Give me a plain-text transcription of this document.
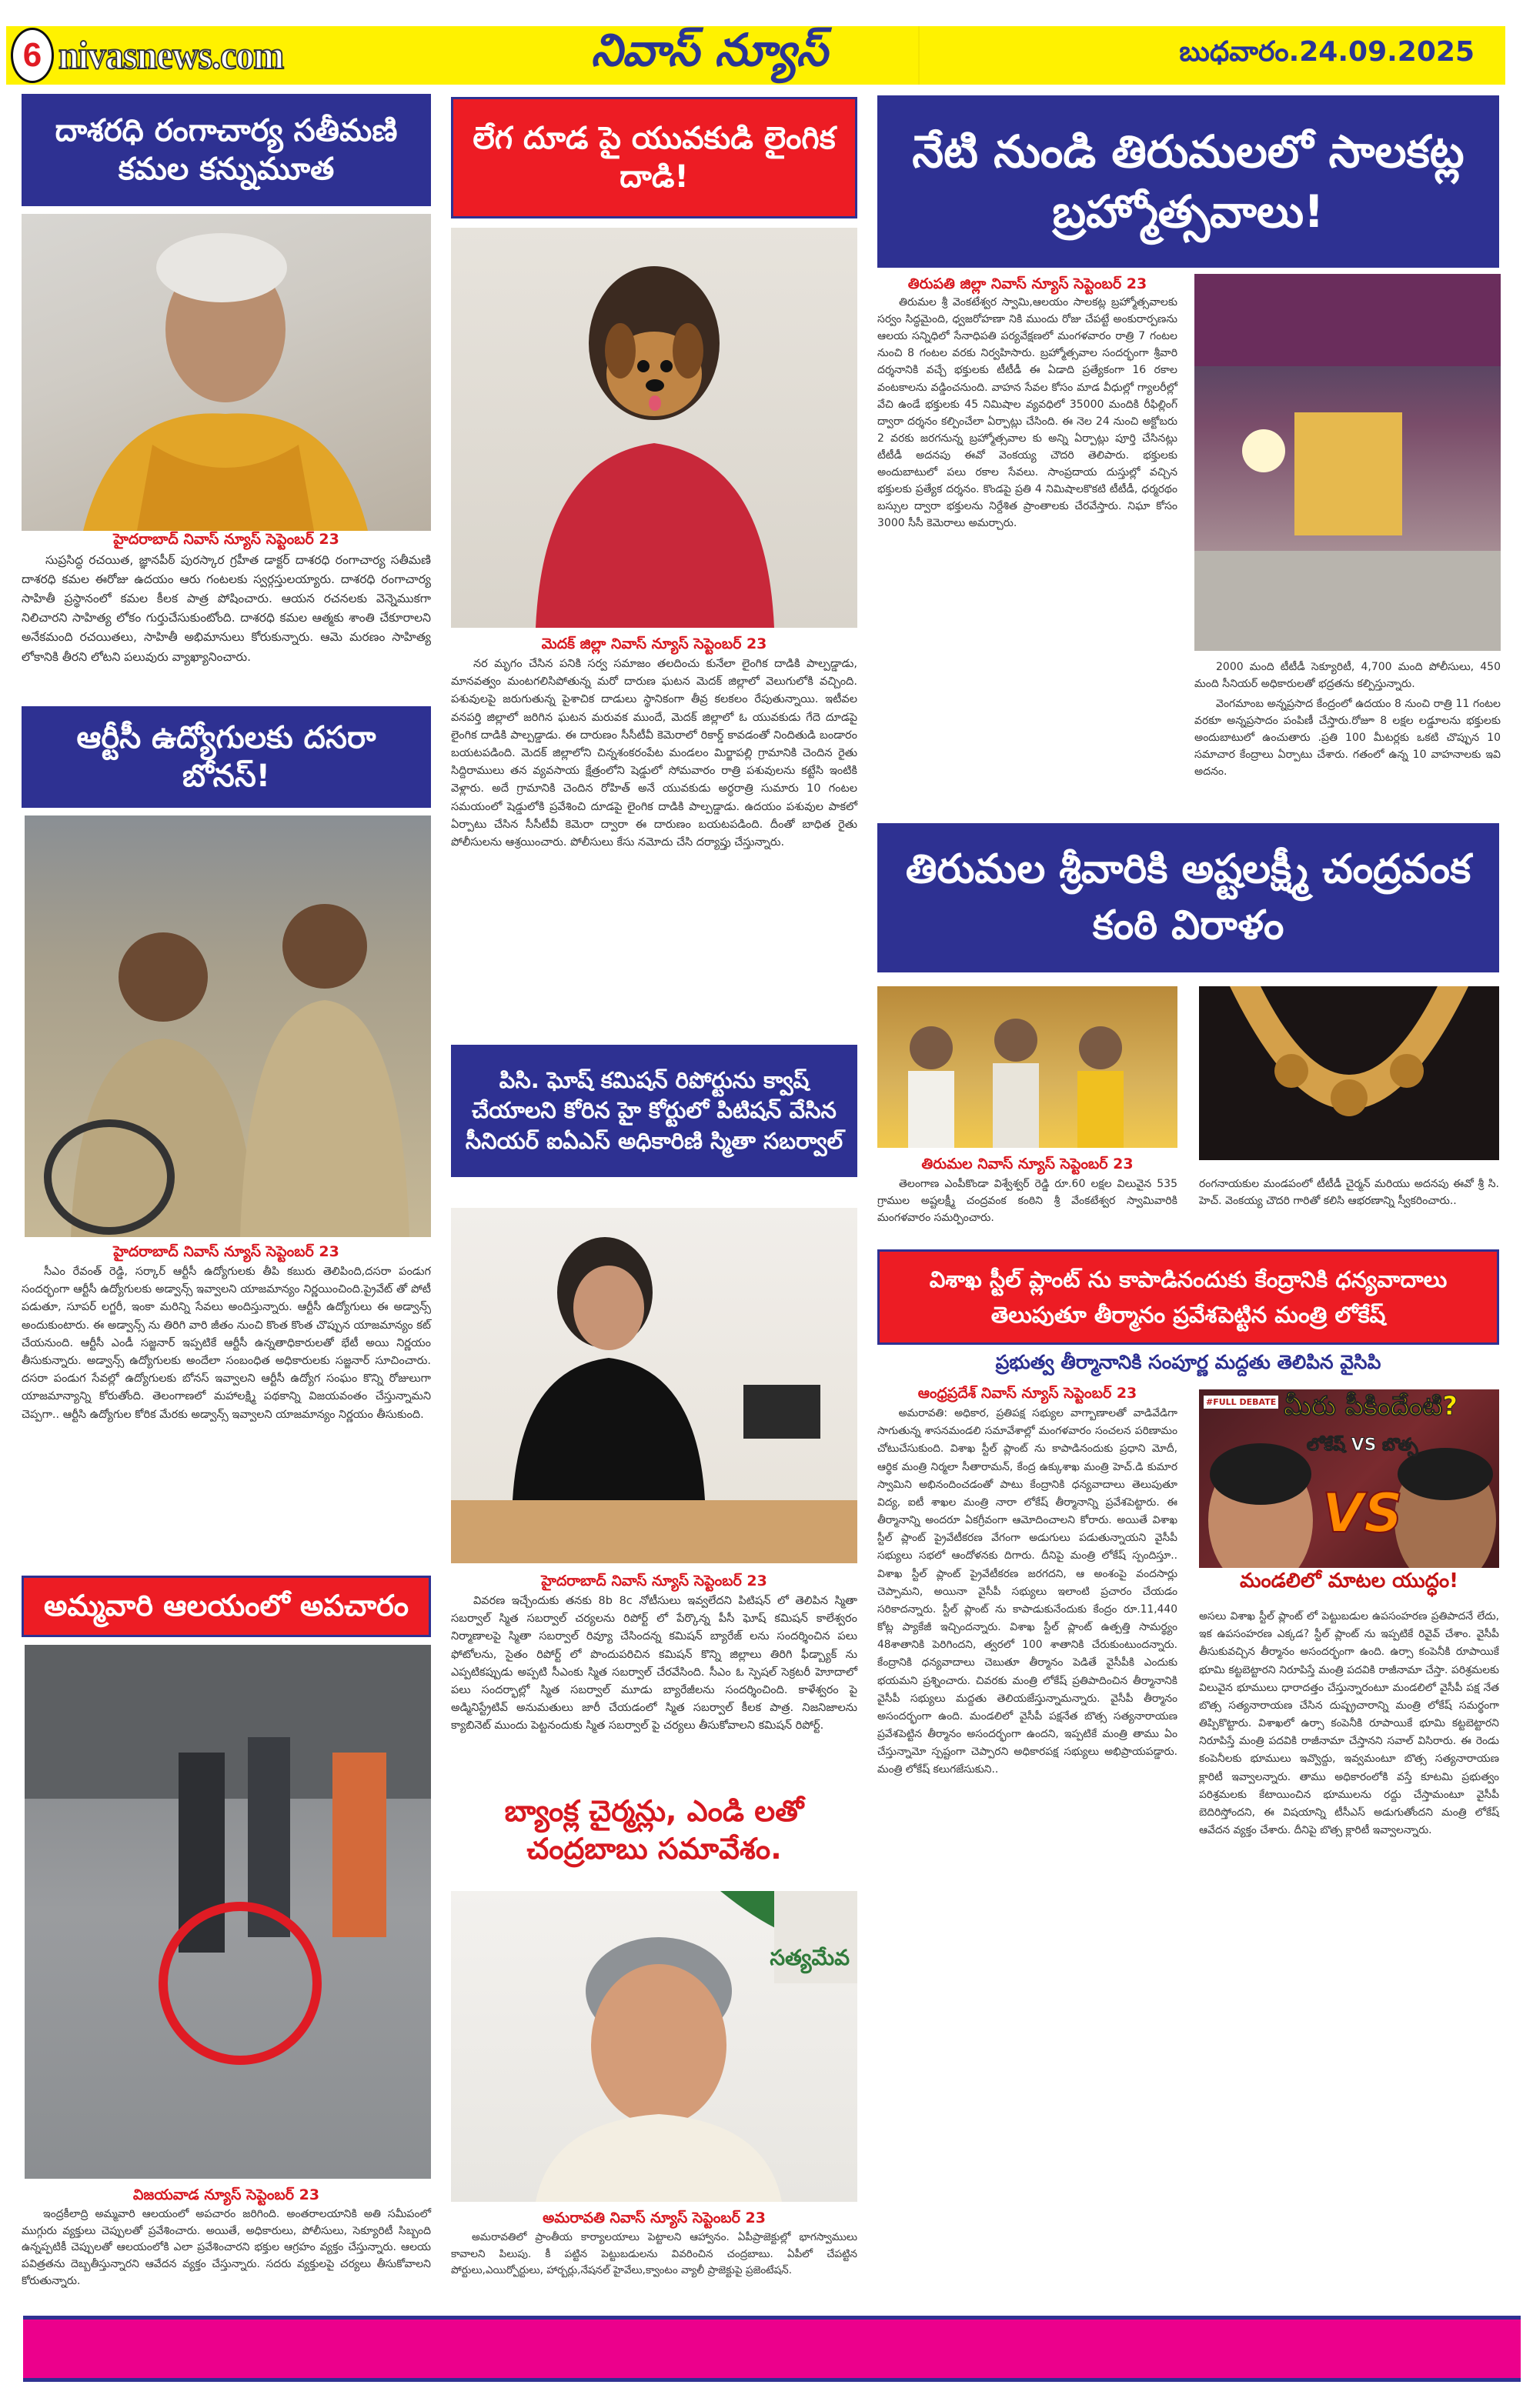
6 nivasnews.com	నివాస్ న్యూస్	బుధవారం.24.09.2025
దాశరధి రంగాచార్య సతీమణి కమల కన్నుమూత
హైదరాబాద్ నివాస్ న్యూస్ సెప్టెంబర్ 23
సుప్రసిద్ధ రచయిత, జ్ఞానపీఠ్ పురస్కార గ్రహీత డాక్టర్ దాశరధి రంగాచార్య సతీమణి దాశరధి కమల ఈరోజు ఉదయం ఆరు గంటలకు స్వర్గస్తులయ్యారు. దాశరధి రంగాచార్య సాహితీ ప్రస్థానంలో కమల కీలక పాత్ర పోషించారు. ఆయన రచనలకు వెన్నెముకగా నిలిచారని సాహిత్య లోకం గుర్తుచేసుకుంటోంది. దాశరధి కమల ఆత్మకు శాంతి చేకూరాలని అనేకమంది రచయితలు, సాహితీ అభిమానులు కోరుకున్నారు. ఆమె మరణం సాహిత్య లోకానికి తీరని లోటని పలువురు వ్యాఖ్యానించారు.
ఆర్టీసీ ఉద్యోగులకు దసరా బోనస్!
హైదరాబాద్ నివాస్ న్యూస్ సెప్టెంబర్ 23
సీఎం రేవంత్ రెడ్డి, సర్కార్ ఆర్టీసీ ఉద్యోగులకు తీపి కబురు తెలిపింది,దసరా పండుగ సందర్భంగా ఆర్టీసీ ఉద్యోగులకు అడ్వాన్స్ ఇవ్వాలని యాజమాన్యం నిర్ణయించింది.ప్రైవేట్ తో పోటీ పడుతూ, సూపర్ లగ్జరీ, ఇంకా మరిన్ని సేవలు అందిస్తున్నారు. ఆర్టీసీ ఉద్యోగులు ఈ అడ్వాన్స్ అందుకుంటారు. ఈ అడ్వాన్స్ ను తిరిగి వారి జీతం నుంచి కొంత కొంత చొప్పున యాజమాన్యం కట్ చేయనుంది. ఆర్టీసీ ఎండీ సజ్జనార్ ఇప్పటికే ఆర్టీసీ ఉన్నతాధికారులతో భేటీ అయి నిర్ణయం తీసుకున్నారు. అడ్వాన్స్ ఉద్యోగులకు అందేలా సంబంధిత అధికారులకు సజ్జనార్ సూచించారు. దసరా పండుగ సేవల్లో ఉద్యోగులకు బోనస్ ఇవ్వాలని ఆర్టీసీ ఉద్యోగ సంఘం కొన్ని రోజులుగా యాజమాన్యాన్ని కోరుతోంది. తెలంగాణలో మహాలక్ష్మి పథకాన్ని విజయవంతం చేస్తున్నామని చెప్పగా.. ఆర్టీసి ఉద్యోగుల కోరిక మేరకు అడ్వాన్స్ ఇవ్వాలని యాజమాన్యం నిర్ణయం తీసుకుంది.
అమ్మవారి ఆలయంలో అపచారం
విజయవాడ న్యూస్ సెప్టెంబర్ 23
ఇంద్రకీలాద్రి అమ్మవారి ఆలయంలో అపచారం జరిగింది. అంతరాలయానికి అతి సమీపంలో ముగ్గురు వ్యక్తులు చెప్పులతో ప్రవేశించారు. అయితే, అధికారులు, పోలీసులు, సెక్యూరిటీ సిబ్బంది ఉన్నప్పటికీ చెప్పులతో ఆలయంలోకి ఎలా ప్రవేశించారని భక్తుల ఆగ్రహం వ్యక్తం చేస్తున్నారు. ఆలయ పవిత్రతను దెబ్బతీస్తున్నారని ఆవేదన వ్యక్తం చేస్తున్నారు. సదరు వ్యక్తులపై చర్యలు తీసుకోవాలని కోరుతున్నారు.
లేగ దూడ పై యువకుడి లైంగిక దాడి!
మెదక్ జిల్లా నివాస్ న్యూస్ సెప్టెంబర్ 23
నర మృగం చేసిన పనికి సర్వ సమాజం తలదించు కునేలా లైంగిక దాడికి పాల్పడ్డాడు, మానవత్వం మంటగలిసిపోతున్న మరో దారుణ ఘటన మెదక్ జిల్లాలో వెలుగులోకి వచ్చింది. పశువులపై జరుగుతున్న పైశాచిక దాడులు స్థానికంగా తీవ్ర కలకలం రేపుతున్నాయి. ఇటీవల వనపర్తి జిల్లాలో జరిగిన ఘటన మరువక ముందే, మెదక్ జిల్లాలో ఓ యువకుడు గేదె దూడపై లైంగిక దాడికి పాల్పడ్డాడు. ఈ దారుణం సీసీటీవీ కెమెరాలో రికార్డ్ కావడంతో నిందితుడి బండారం బయటపడింది. మెదక్ జిల్లాలోని చిన్నశంకరంపేట మండలం మిర్జాపల్లి గ్రామానికి చెందిన రైతు సిద్దిరాములు తన వ్యవసాయ క్షేత్రంలోని షెడ్డులో సోమవారం రాత్రి పశువులను కట్టేసి ఇంటికి వెళ్లారు. అదే గ్రామానికి చెందిన రోహిత్ అనే యువకుడు అర్ధరాత్రి సుమారు 10 గంటల సమయంలో షెడ్డులోకి ప్రవేశించి దూడపై లైంగిక దాడికి పాల్పడ్డాడు. ఉదయం పశువుల పాకలో ఏర్పాటు చేసిన సీసీటీవీ కెమెరా ద్వారా ఈ దారుణం బయటపడింది. దీంతో బాధిత రైతు పోలీసులను ఆశ్రయించారు. పోలీసులు కేసు నమోదు చేసి దర్యాప్తు చేస్తున్నారు.
పిసి. ఘోష్ కమిషన్ రిపోర్టును క్వాష్ చేయాలని కోరిన హై కోర్టులో పిటిషన్ వేసిన సీనియర్ ఐఏఎస్ అధికారిణి స్మితా సబర్వాల్
హైదరాబాద్ నివాస్ న్యూస్ సెప్టెంబర్ 23
వివరణ ఇచ్చేందుకు తనకు 8b 8c నోటీసులు ఇవ్వలేదని పిటిషన్ లో తెలిపిన స్మితా సబర్వాల్ స్మిత సబర్వాల్ చర్యలను రిపోర్ట్ లో పేర్కొన్న పీసీ ఘోష్ కమిషన్ కాలేశ్వరం నిర్మాణాలపై స్మితా సబర్వాల్ రివ్యూ చేసిందన్న కమిషన్ బ్యారేజ్ లను సందర్శించిన పలు ఫోటోలను, సైతం రిపోర్ట్ లో పొందుపరిచిన కమిషన్ కొన్ని జిల్లాలు తిరిగి ఫీడ్బ్యాక్ ను ఎప్పటికప్పుడు అప్పటి సీఎంకు స్మిత సబర్వాల్ చేరవేసింది. సీఎం ఓ స్పెషల్ సెక్రటరీ హెూదాలో పలు సందర్భాల్లో స్మిత సబర్వాల్ మూడు బ్యారేజీలను సందర్శించింది. కాళేశ్వరం పై అడ్మినిస్ట్రేటివ్ అనుమతులు జారీ చేయడంలో స్మిత సబర్వాల్ కీలక పాత్ర. నిజనిజాలను క్యాబినెట్ ముందు పెట్టనందుకు స్మిత సబర్వాల్ పై చర్యలు తీసుకోవాలని కమిషన్ రిపోర్ట్.
బ్యాంక్ల చైర్మన్లు, ఎండి లతో చంద్రబాబు సమావేశం.
సత్యమేవ
అమరావతి నివాస్ న్యూస్ సెప్టెంబర్ 23
అమరావతిలో ప్రాంతీయ కార్యాలయాలు పెట్టాలని ఆహ్వానం. ఏపీప్రాజెక్టుల్లో భాగస్వాములు కావాలని పిలుపు. కీ పట్టిన పెట్టుబడులను వివరించిన చంద్రబాబు. ఏపీలో చేపట్టిన పోర్టులు,ఎయిర్పోర్టులు, హార్బర్లు,నేషనల్ హైవేలు,క్వాంటం వ్యాలీ ప్రాజెక్టుపై ప్రజెంటేషన్.
నేటి నుండి తిరుమలలో సాలకట్ల బ్రహ్మోత్సవాలు!
తిరుపతి జిల్లా నివాస్ న్యూస్ సెప్టెంబర్ 23
తిరుమల శ్రీ వెంకటేశ్వర స్వామి,ఆలయం సాలకట్ల బ్రహ్మోత్సవాలకు సర్వం సిద్ధమైంది, ధ్వజరోహణా నికి ముందు రోజు చేపట్టే అంకురార్పణను ఆలయ సన్నిధిలో సేనాధిపతి పర్యవేక్షణలో మంగళవారం రాత్రి 7 గంటల నుంచి 8 గంటల వరకు నిర్వహిసారు. బ్రహ్మోత్సవాల సందర్భంగా శ్రీవారి దర్శనానికి వచ్చే భక్తులకు టీటీడీ ఈ ఏడాది ప్రత్యేకంగా 16 రకాల వంటకాలను వడ్డించనుంది. వాహన సేవల కోసం మాడ వీధుల్లో గ్యాలరీల్లో వేచి ఉండే భక్తులకు 45 నిమిషాల వ్యవధిలో 35000 మందికి రీఫిల్లింగ్ ద్వారా దర్శనం కల్పించేలా ఏర్పాట్లు చేసింది. ఈ నెల 24 నుంచి అక్టోబరు 2 వరకు జరగనున్న బ్రహ్మోత్సవాల కు అన్ని ఏర్పాట్లు పూర్తి చేసినట్లు టీటీడీ అదనపు ఈవో వెంకయ్య చౌదరి తెలిపారు. భక్తులకు అందుబాటులో పలు రకాల సేవలు. సాంప్రదాయ దుస్తుల్లో వచ్చిన భక్తులకు ప్రత్యేక దర్శనం. కొండపై ప్రతి 4 నిమిషాలకొకటి టీటీడీ, ధర్మరథం బస్సుల ద్వారా భక్తులను నిర్దేశిత ప్రాంతాలకు చేరవేస్తారు. నిఘా కోసం 3000 సీసీ కెమెరాలు అమర్చారు.
2000 మంది టీటీడీ సెక్యూరిటీ, 4,700 మంది పోలీసులు, 450 మంది సీనియర్ అధికారులతో భద్రతను కల్పిస్తున్నారు.
వెంగమాంబ అన్నప్రసాద కేంద్రంలో ఉదయం 8 నుంచి రాత్రి 11 గంటల వరకూ అన్నప్రసాదం పంపిణీ చేస్తారు.రోజూ 8 లక్షల లడ్డూలను భక్తులకు అందుబాటులో ఉంచుతారు .ప్రతి 100 మీటర్లకు ఒకటి చొప్పున 10 సమాచార కేంద్రాలు ఏర్పాటు చేశారు. గతంలో ఉన్న 10 వాహనాలకు ఇవి అదనం.
తిరుమల శ్రీవారికి అష్టలక్ష్మీ చంద్రవంక కంఠి విరాళం
తిరుమల నివాస్ న్యూస్ సెప్టెంబర్ 23
తెలంగాణ ఎంపీకొండా విశ్వేశ్వర్ రెడ్డి రూ.60 లక్షల విలువైన 535 గ్రాముల అష్టలక్ష్మీ చంద్రవంక కంఠిని శ్రీ వేంకటేశ్వర స్వామివారికి మంగళవారం సమర్పించారు.
రంగనాయకుల మండపంలో టీటీడీ చైర్మన్ మరియు అదనపు ఈవో శ్రీ సి. హెచ్. వెంకయ్య చౌదరి గారితో కలిసి ఆభరణాన్ని స్వీకరించారు..
విశాఖ స్టీల్ ప్లాంట్ ను కాపాడినందుకు కేంద్రానికి ధన్యవాదాలు తెలుపుతూ తీర్మానం ప్రవేశపెట్టిన మంత్రి లోకేష్
ప్రభుత్వ తీర్మానానికి సంపూర్ణ మద్దతు తెలిపిన వైసిపి
ఆంధ్రప్రదేశ్ నివాస్ న్యూస్ సెప్టెంబర్ 23
అమరావతి: అధికార, ప్రతిపక్ష సభ్యుల వాగ్బాణాలతో వాడివేడిగా సాగుతున్న శాసనమండలి సమావేశాల్లో మంగళవారం సంచలన పరిణామం చోటుచేసుకుంది. విశాఖ స్టీల్ ప్లాంట్ ను కాపాడినందుకు ప్రధాని మోదీ, ఆర్థిక మంత్రి నిర్మలా సీతారామన్, కేంద్ర ఉక్కుశాఖ మంత్రి హెచ్.డి కుమార స్వామిని అభినందించడంతో పాటు కేంద్రానికి ధన్యవాదాలు తెలుపుతూ విద్య, ఐటీ శాఖల మంత్రి నారా లోకేష్ తీర్మానాన్ని ప్రవేశపెట్టారు. ఈ తీర్మానాన్ని అందరూ ఏకగ్రీవంగా ఆమోదించాలని కోరారు. అయితే విశాఖ స్టీల్ ప్లాంట్ ప్రైవేటీకరణ వేగంగా అడుగులు పడుతున్నాయని వైసీపీ సభ్యులు సభలో ఆందోళనకు దిగారు. దీనిపై మంత్రి లోకేష్ స్పందిస్తూ.. విశాఖ స్టీల్ ప్లాంట్ ప్రైవేటీకరణ జరగదని, ఆ అంశంపై వందసార్లు చెప్పామని, అయినా వైసీపీ సభ్యులు ఇలాంటి ప్రచారం చేయడం సరికాదన్నారు. స్టీల్ ప్లాంట్ ను కాపాడుకునేందుకు కేంద్రం రూ.11,440 కోట్ల ప్యాకేజీ ఇచ్చిందన్నారు. విశాఖ స్టీల్ ప్లాంట్ ఉత్పత్తి సామర్థ్యం 48శాతానికి పెరిగిందని, త్వరలో 100 శాతానికి చేరుకుంటుందన్నారు. కేంద్రానికి ధన్యవాదాలు చెబుతూ తీర్మానం పెడితే వైసీపీకి ఎందుకు భయమని ప్రశ్నించారు. చివరకు మంత్రి లోకేష్ ప్రతిపాదించిన తీర్మానానికి వైసీపీ సభ్యులు మద్దతు తెలియజేస్తున్నామన్నారు. వైసీపీ తీర్మానం అసందర్భంగా ఉంది. మండలిలో వైసీపీ పక్షనేత బొత్స సత్యనారాయణ ప్రవేశపెట్టిన తీర్మానం అసందర్భంగా ఉందని, ఇప్పటికే మంత్రి తాము ఏం చేస్తున్నామో స్పష్టంగా చెప్పారని అధికారపక్ష సభ్యులు అభిప్రాయపడ్డారు. మంత్రి లోకేష్ కలుగజేసుకుని..
#FULL DEBATE మీరు పీకిందేంటి?
లోకేష్ VS బొత్స
VS
మండలిలో మాటల యుద్ధం!
అసలు విశాఖ స్టీల్ ప్లాంట్ లో పెట్టుబడుల ఉపసంహరణ ప్రతిపాదనే లేదు, ఇక ఉపసంహరణ ఎక్కడ? స్టీల్ ప్లాంట్ ను ఇప్పటికే రివైవ్ చేశాం. వైసీపీ తీసుకువచ్చిన తీర్మానం అసందర్భంగా ఉంది. ఉర్సా కంపెనీకి రూపాయికే భూమి కట్టబెట్టారని నిరూపిస్తే మంత్రి పదవికి రాజీనామా చేస్తా. పరిశ్రమలకు విలువైన భూములు ధారాదత్తం చేస్తున్నారంటూ మండలిలో వైసీపీ పక్ష నేత బొత్స సత్యనారాయణ చేసిన దుష్ప్రచారాన్ని మంత్రి లోకేష్ సమర్థంగా తిప్పికొట్టారు. విశాఖలో ఉర్సా కంపెనీకి రూపాయికే భూమి కట్టబెట్టారని నిరూపిస్తే మంత్రి పదవికి రాజీనామా చేస్తానని సవాల్ విసిరారు. ఈ రెండు కంపెనీలకు భూములు ఇవ్వొద్దు, ఇవ్వమంటూ బొత్స సత్యనారాయణ క్లారిటీ ఇవ్వాలన్నారు. తాము అధికారంలోకి వస్తే కూటమి ప్రభుత్వం పరిశ్రమలకు కేటాయించిన భూములను రద్దు చేస్తామంటూ వైసీపీ బెదిరిస్తోందని, ఈ విషయాన్ని టీసీఎస్ అడుగుతోందని మంత్రి లోకేష్ ఆవేదన వ్యక్తం చేశారు. దీనిపై బొత్స క్లారిటీ ఇవ్వాలన్నారు.
